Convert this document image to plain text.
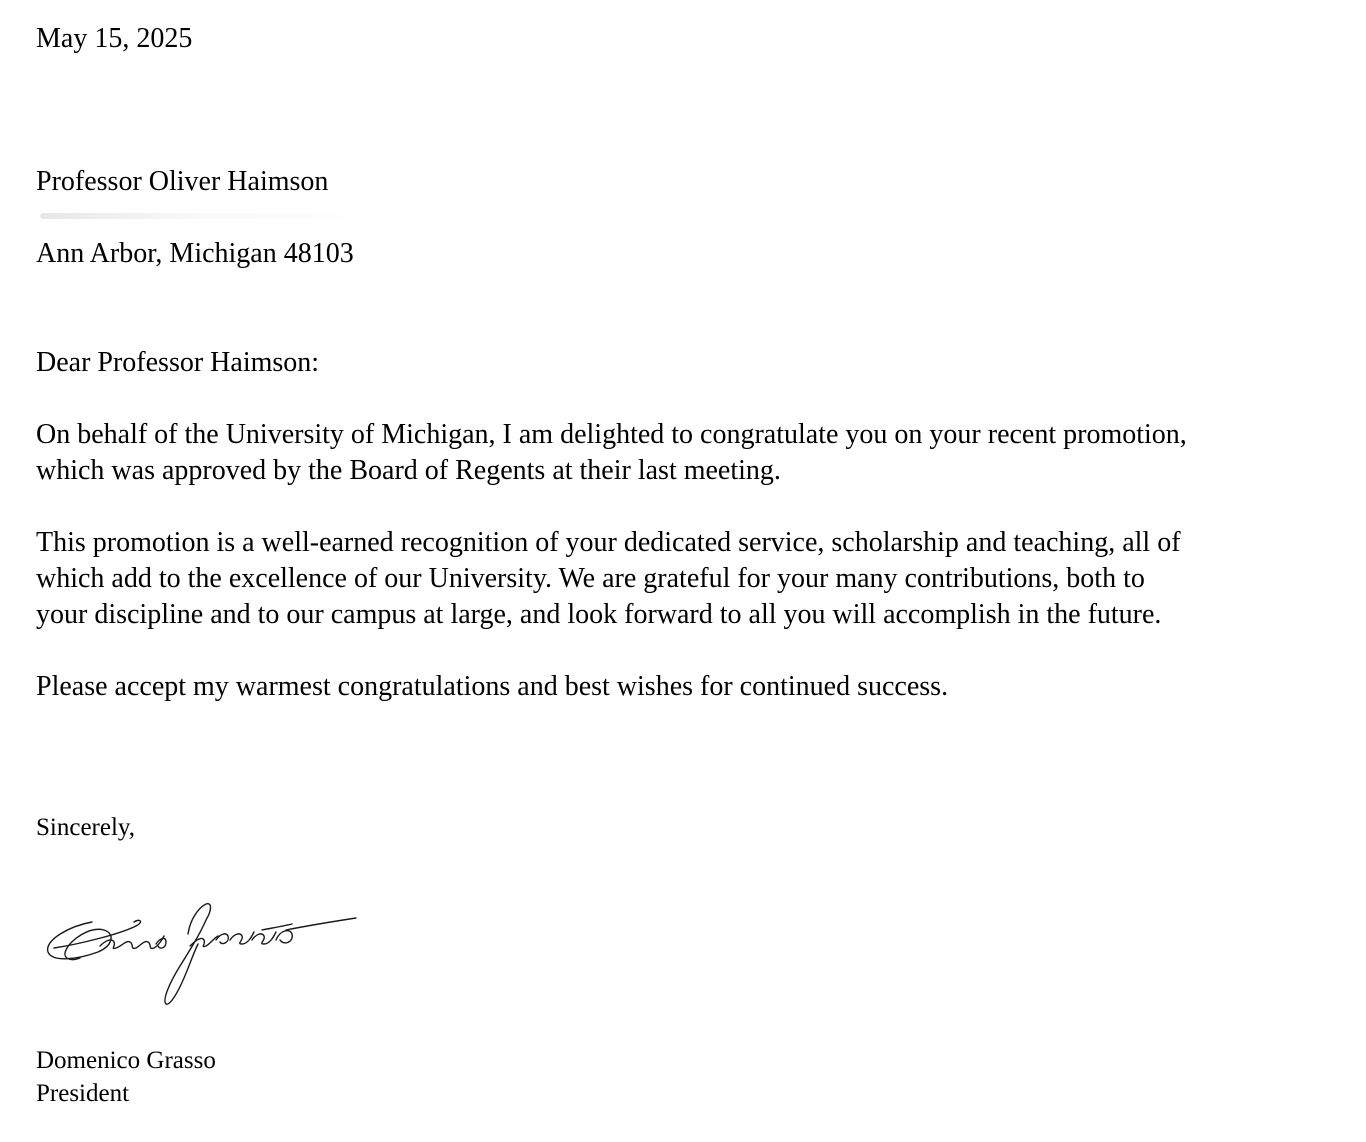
May 15, 2025
Professor Oliver Haimson
Ann Arbor, Michigan 48103
Dear Professor Haimson:
On behalf of the University of Michigan, I am delighted to congratulate you on your recent promotion,
which was approved by the Board of Regents at their last meeting.
This promotion is a well-earned recognition of your dedicated service, scholarship and teaching, all of
which add to the excellence of our University. We are grateful for your many contributions, both to
your discipline and to our campus at large, and look forward to all you will accomplish in the future.
Please accept my warmest congratulations and best wishes for continued success.
Sincerely,
Domenico Grasso
President
